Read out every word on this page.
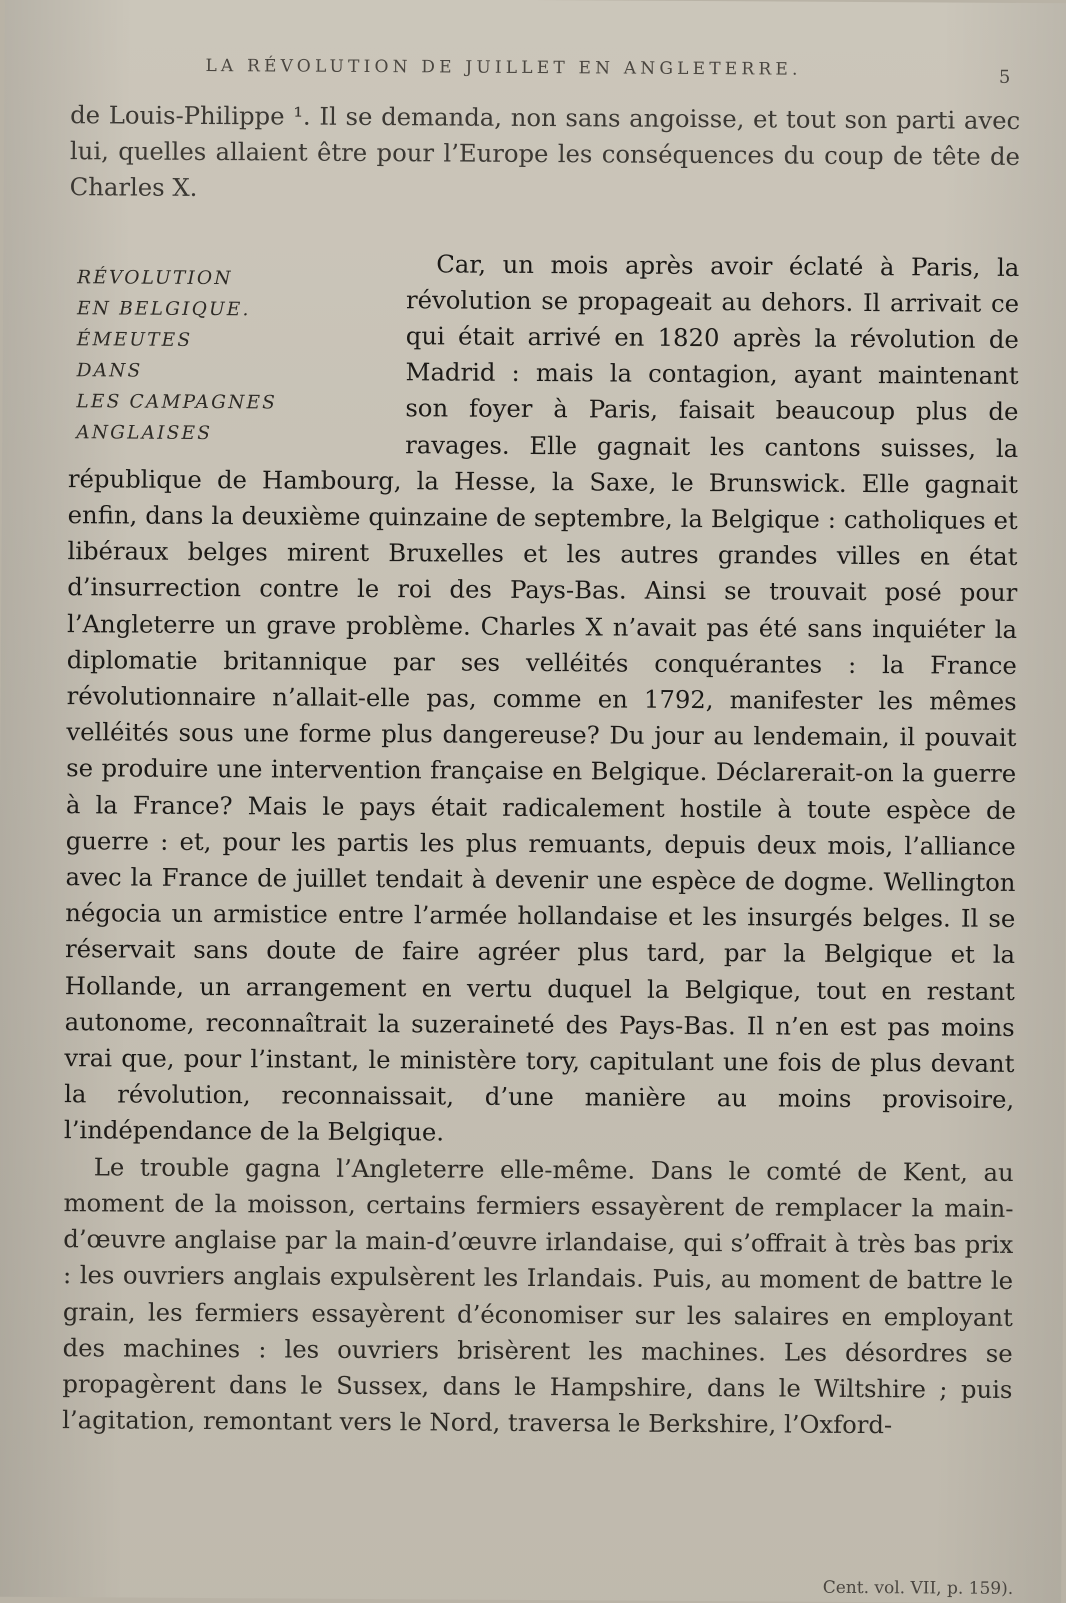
LA RÉVOLUTION DE JUILLET EN ANGLETERRE.	5

de Louis-Philippe ¹. Il se demanda, non sans angoisse, et tout son parti avec lui, quelles allaient être pour l’Europe les conséquences du coup de tête de Charles X.

RÉVOLUTION
EN BELGIQUE.
ÉMEUTES
DANS
LES CAMPAGNES
ANGLAISES

Car, un mois après avoir éclaté à Paris, la révolution se propageait au dehors. Il arrivait ce qui était arrivé en 1820 après la révolution de Madrid : mais la contagion, ayant maintenant son foyer à Paris, faisait beaucoup plus de ravages. Elle gagnait les cantons suisses, la république de Hambourg, la Hesse, la Saxe, le Brunswick. Elle gagnait enfin, dans la deuxième quinzaine de septembre, la Belgique : catholiques et libéraux belges mirent Bruxelles et les autres grandes villes en état d’insurrection contre le roi des Pays-Bas. Ainsi se trouvait posé pour l’Angleterre un grave problème. Charles X n’avait pas été sans inquiéter la diplomatie britannique par ses velléités conquérantes : la France révolutionnaire n’allait-elle pas, comme en 1792, manifester les mêmes velléités sous une forme plus dangereuse? Du jour au lendemain, il pouvait se produire une intervention française en Belgique. Déclarerait-on la guerre à la France? Mais le pays était radicalement hostile à toute espèce de guerre : et, pour les partis les plus remuants, depuis deux mois, l’alliance avec la France de juillet tendait à devenir une espèce de dogme. Wellington négocia un armistice entre l’armée hollandaise et les insurgés belges. Il se réservait sans doute de faire agréer plus tard, par la Belgique et la Hollande, un arrangement en vertu duquel la Belgique, tout en restant autonome, reconnaîtrait la suzeraineté des Pays-Bas. Il n’en est pas moins vrai que, pour l’instant, le ministère tory, capitulant une fois de plus devant la révolution, reconnaissait, d’une manière au moins provisoire, l’indépendance de la Belgique.

Le trouble gagna l’Angleterre elle-même. Dans le comté de Kent, au moment de la moisson, certains fermiers essayèrent de remplacer la main-d’œuvre anglaise par la main-d’œuvre irlandaise, qui s’offrait à très bas prix : les ouvriers anglais expulsèrent les Irlandais. Puis, au moment de battre le grain, les fermiers essayèrent d’économiser sur les salaires en employant des machines : les ouvriers brisèrent les machines. Les désordres se propagèrent dans le Sussex, dans le Hampshire, dans le Wiltshire ; puis l’agitation, remontant vers le Nord, traversa le Berkshire, l’Oxford-

Cent. vol. VII, p. 159).
